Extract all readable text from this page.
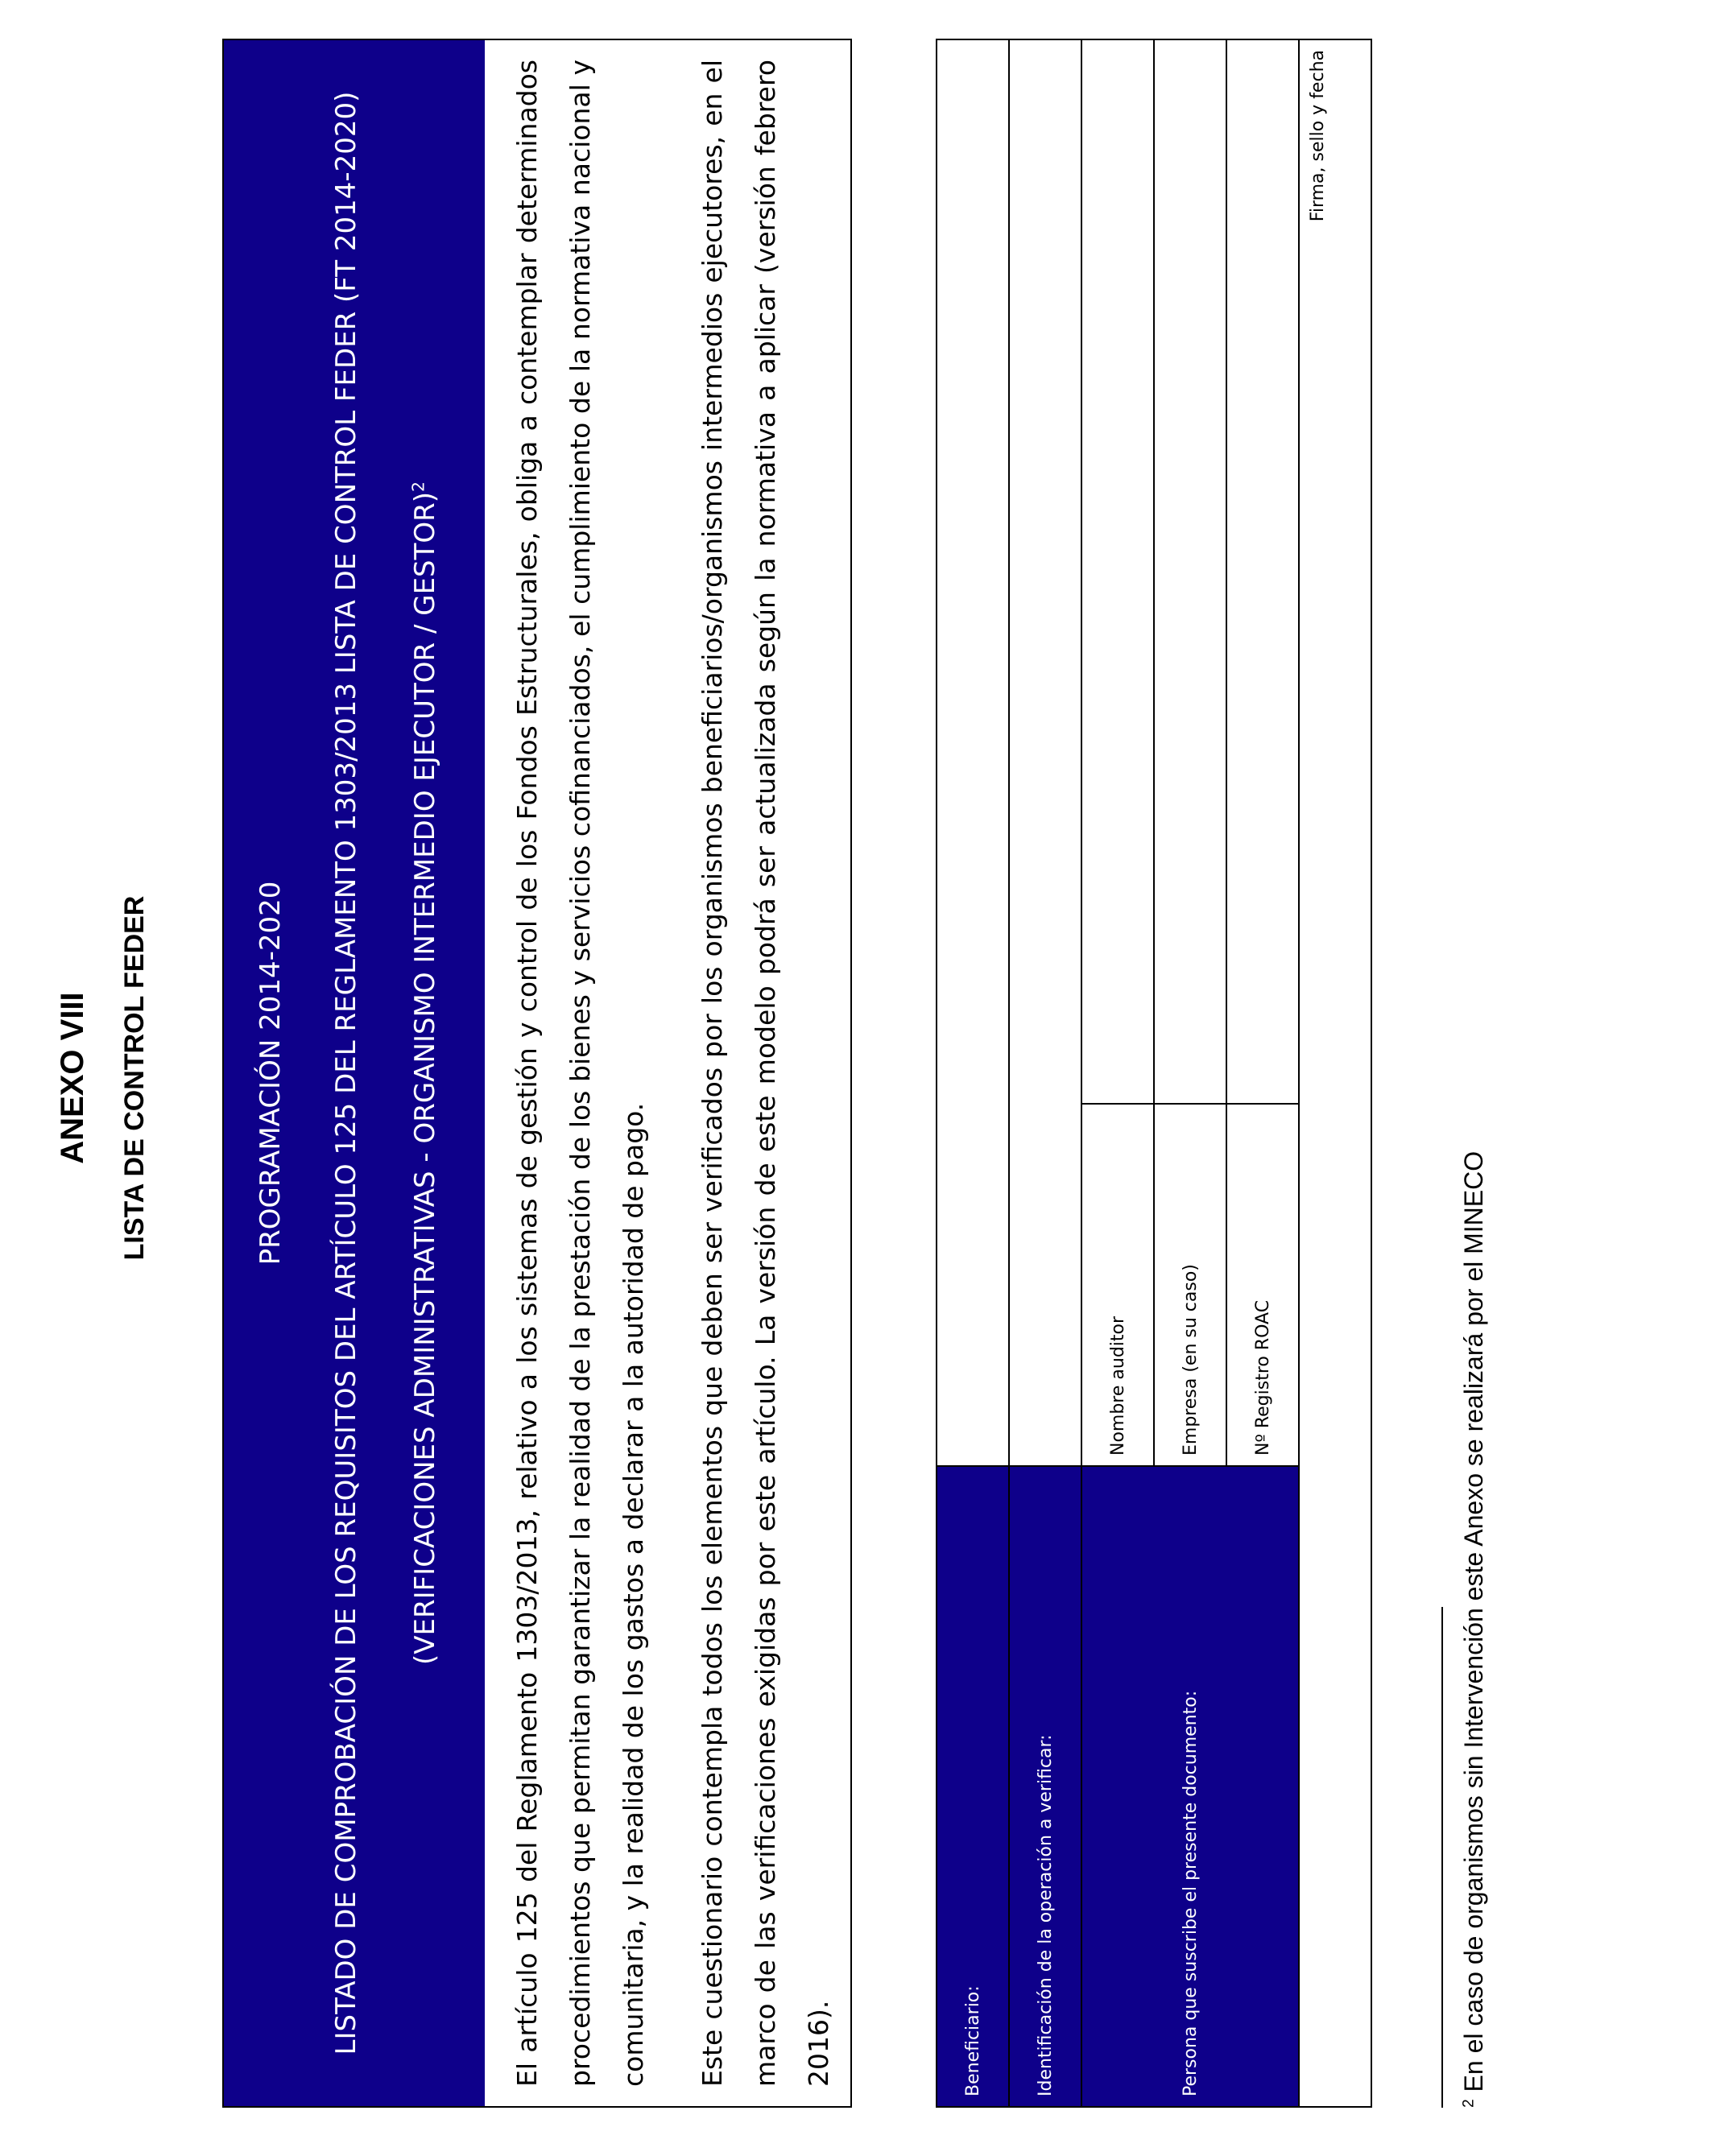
ANEXO VIII LISTA DE CONTROL FEDER	PROGRAMACIÓN 2014-2020 LISTADO DE COMPROBACIÓN DE LOS REQUISITOS DEL ARTÍCULO 125 DEL REGLAMENTO 1303/2013 LISTA DE CONTROL FEDER (FT 2014-2020) (VERIFICACIONES ADMINISTRATIVAS - ORGANISMO INTERMEDIO EJECUTOR / GESTOR)$^2$	El artículo 125 del Reglamento 1303/2013, relativo a los sistemas de gestión y control de los Fondos Estructurales, obliga a contemplar determinados procedimientos que permitan garantizar la realidad de la prestación de los bienes y servicios cofinanciados, el cumplimiento de la normativa nacional y comunitaria, y la realidad de los gastos a declarar a la autoridad de pago.	Este cuestionario contempla todos los elementos que deben ser verificados por los organismos beneficiarios/organismos intermedios ejecutores, en el marco de las verificaciones exigidas por este artículo. La versión de este modelo podrá ser actualizada según la normativa a aplicar (versión febrero 2016).	Beneficiario:		
Identificación de la operación a verificar:		
Persona que suscribe el presente documento:	Nombre auditor	
	Empresa (en su caso)	
	Nº Registro ROAC	
Firma, sello y fecha		
$^2$ En el caso de organismos sin Intervención este Anexo se realizará por el MINECO
